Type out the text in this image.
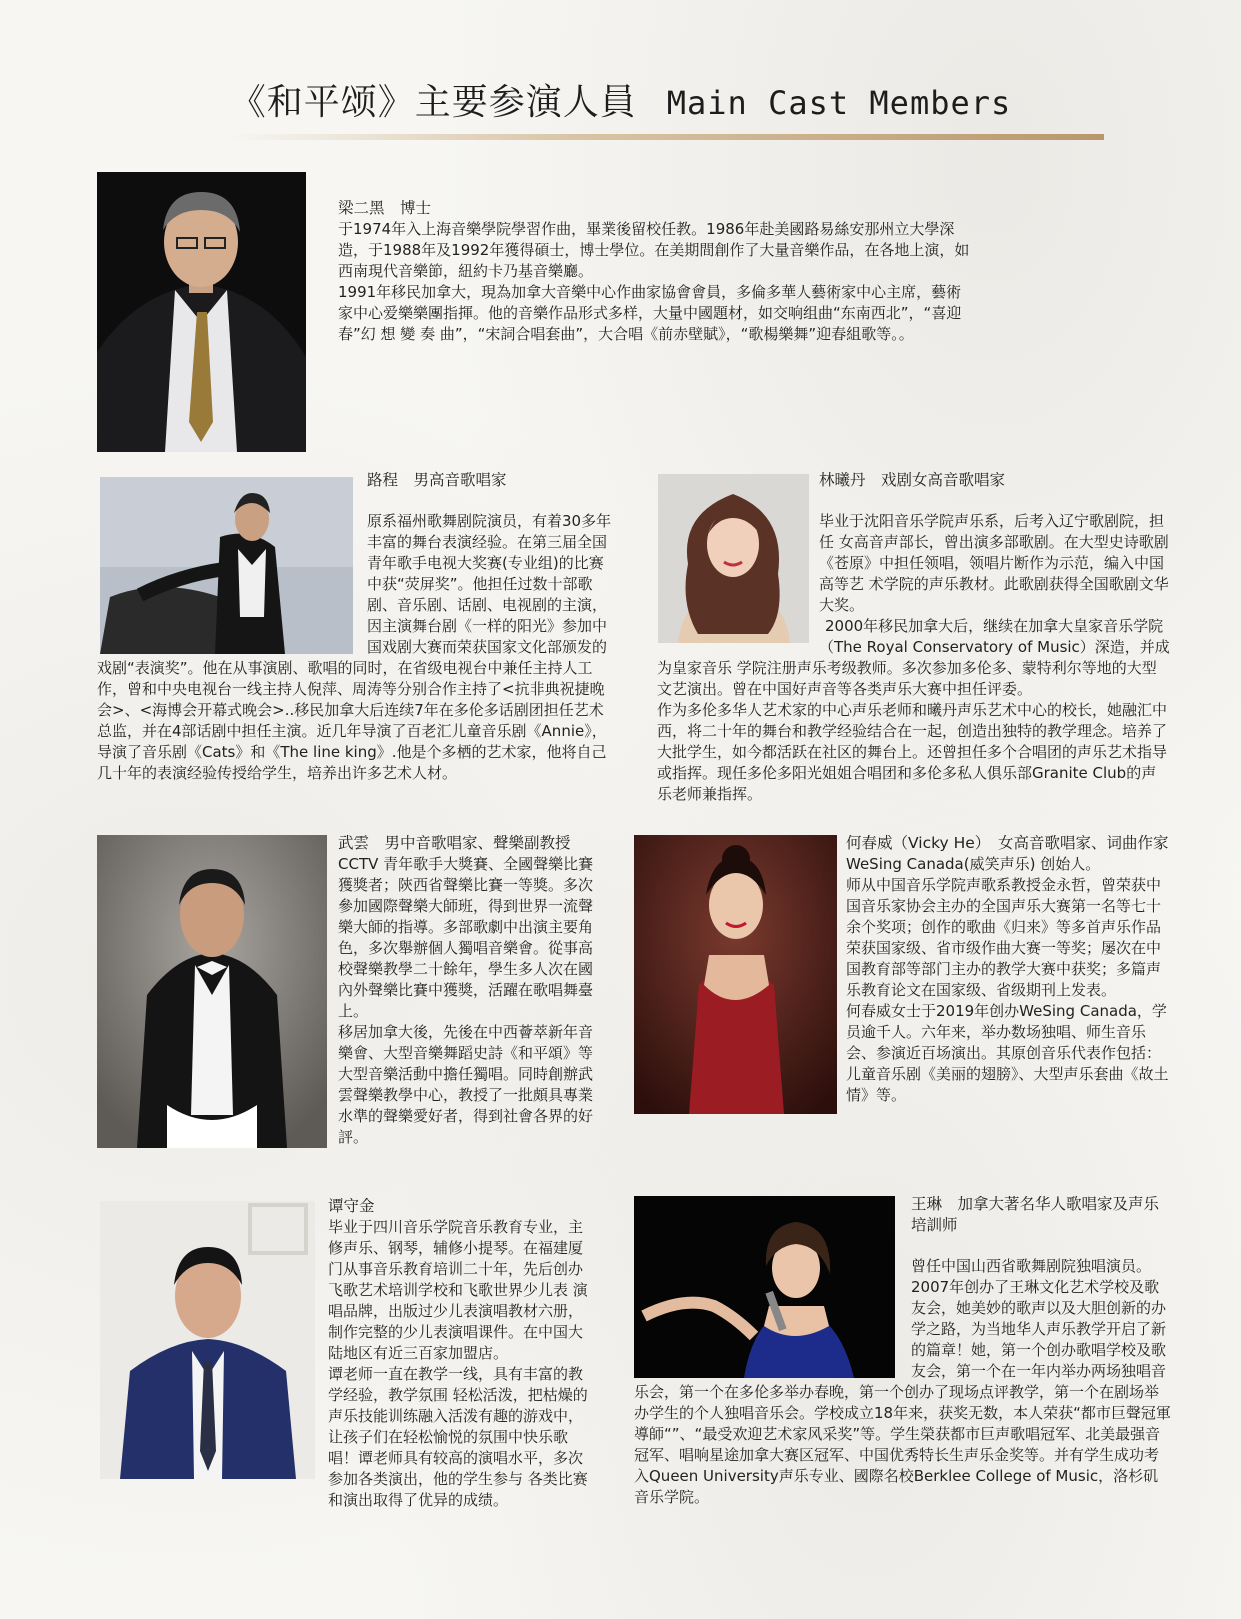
《和平颂》主要参演人員 Main Cast Members

梁二黑　博士

于1974年入上海音樂學院學習作曲，畢業後留校任教。1986年赴美國路易絲安那州立大學深造，于1988年及1992年獲得碩士，博士學位。在美期間創作了大量音樂作品，在各地上演，如西南現代音樂節，紐約卡乃基音樂廳。

1991年移民加拿大，現為加拿大音樂中心作曲家協會會員，多倫多華人藝術家中心主席，藝術家中心爱樂樂團指揮。他的音樂作品形式多样，大量中國題材，如交响组曲“东南西北”，“喜迎春”幻 想 變 奏 曲”，“宋詞合唱套曲”，大合唱《前赤壁賦》，“歌楊樂舞”迎春組歌等。。

路程　男高音歌唱家

原系福州歌舞剧院演员，有着30多年丰富的舞台表演经验。在第三届全国青年歌手电视大奖赛(专业组)的比赛中获“荧屏奖”。他担任过数十部歌剧、音乐剧、话剧、电视剧的主演，因主演舞台剧《一样的阳光》参加中国戏剧大赛而荣获国家文化部颁发的戏剧“表演奖”。他在从事演剧、歌唱的同时，在省级电视台中兼任主持人工作，曾和中央电视台一线主持人倪萍、周涛等分别合作主持了<抗非典祝捷晚会>、<海博会开幕式晚会>..移民加拿大后连续7年在多伦多话剧团担任艺术总监，并在4部话剧中担任主演。近几年导演了百老汇儿童音乐剧《Annie》，导演了音乐剧《Cats》和《The line king》.他是个多栖的艺术家，他将自己几十年的表演经验传授给学生，培养出许多艺术人材。

林曦丹　戏剧女高音歌唱家

毕业于沈阳音乐学院声乐系，后考入辽宁歌剧院，担任 女高音声部长，曾出演多部歌剧。在大型史诗歌剧《苍原》中担任领唱，领唱片断作为示范，编入中国高等艺 术学院的声乐教材。此歌剧获得全国歌剧文华大奖。

2000年移民加拿大后，继续在加拿大皇家音乐学院（The Royal Conservatory of Music）深造，并成为皇家音乐 学院注册声乐考级教师。多次参加多伦多、蒙特利尔等地的大型文艺演出。曾在中国好声音等各类声乐大赛中担任评委。

作为多伦多华人艺术家的中心声乐老师和曦丹声乐艺术中心的校长，她融汇中西，将二十年的舞台和教学经验结合在一起，创造出独特的教学理念。培养了大批学生，如今都活跃在社区的舞台上。还曾担任多个合唱团的声乐艺术指导或指挥。现任多伦多阳光姐姐合唱团和多伦多私人俱乐部Granite Club的声乐老师兼指挥。

武雲　男中音歌唱家、聲樂副教授

CCTV 青年歌手大獎賽、全國聲樂比賽獲獎者；陝西省聲樂比賽一等獎。多次參加國際聲樂大師班，得到世界一流聲樂大師的指導。多部歌劇中出演主要角色，多次舉辦個人獨唱音樂會。從事高校聲樂教學二十餘年，學生多人次在國內外聲樂比賽中獲獎，活躍在歌唱舞臺上。

移居加拿大後，先後在中西薈萃新年音樂會、大型音樂舞蹈史詩《和平頌》等大型音樂活動中擔任獨唱。同時創辦武雲聲樂教學中心，教授了一批頗具專業水準的聲樂愛好者，得到社會各界的好評。

何春威（Vicky He）　女高音歌唱家、词曲作家

WeSing Canada(威笑声乐) 创始人。

师从中国音乐学院声歌系教授金永哲，曾荣获中国音乐家协会主办的全国声乐大赛第一名等七十余个奖项；创作的歌曲《归来》等多首声乐作品荣获国家级、省市级作曲大赛一等奖；屡次在中国教育部等部门主办的教学大赛中获奖；多篇声乐教育论文在国家级、省级期刊上发表。

何春威女士于2019年创办WeSing Canada，学员逾千人。六年来，举办数场独唱、师生音乐会、参演近百场演出。其原创音乐代表作包括：儿童音乐剧《美丽的翅膀》、大型声乐套曲《故土情》等。

谭守金

毕业于四川音乐学院音乐教育专业，主修声乐、钢琴，辅修小提琴。在福建厦门从事音乐教育培训二十年，先后创办飞歌艺术培训学校和飞歌世界少儿表 演唱品牌，出版过少儿表演唱教材六册，制作完整的少儿表演唱课件。在中国大陆地区有近三百家加盟店。

谭老师一直在教学一线，具有丰富的教学经验，教学氛围 轻松活泼，把枯燥的声乐技能训练融入活泼有趣的游戏中，让孩子们在轻松愉悦的氛围中快乐歌唱！谭老师具有较高的演唱水平，多次参加各类演出，他的学生参与 各类比赛和演出取得了优异的成绩。

王琳　加拿大著名华人歌唱家及声乐培訓师

曾任中国山西省歌舞剧院独唱演员。2007年创办了王琳文化艺术学校及歌友会，她美妙的歌声以及大胆创新的办学之路，为当地华人声乐教学开启了新的篇章！她，第一个创办歌唱学校及歌友会，第一个在一年内举办两场独唱音乐会，第一个在多伦多举办春晚，第一个创办了现场点评教学，第一个在剧场举办学生的个人独唱音乐会。学校成立18年来，获奖无数，本人荣获“都市巨聲冠軍導師“”、“最受欢迎艺术家风采奖”等。学生榮获都市巨声歌唱冠军、北美最强音冠军、唱响星途加拿大赛区冠军、中国优秀特长生声乐金奖等。并有学生成功考入Queen University声乐专业、國際名校Berklee College of Music，洛杉矶音乐学院。
